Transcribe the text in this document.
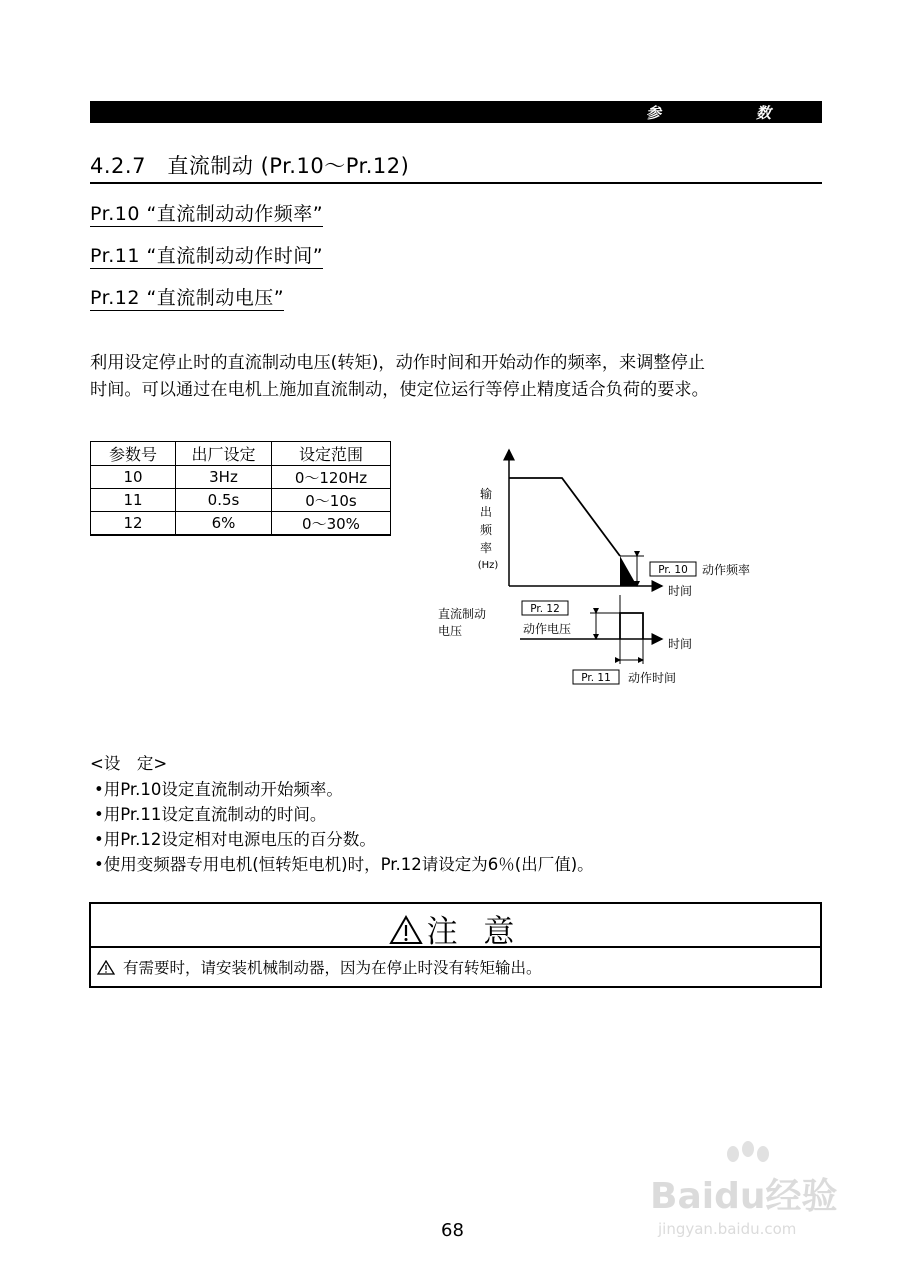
参	数
4.2.7　直流制动 (Pr.10～Pr.12)
Pr.10 “直流制动动作频率”
Pr.11 “直流制动动作时间”
Pr.12 “直流制动电压”
利用设定停止时的直流制动电压(转矩)，动作时间和开始动作的频率，来调整停止
时间。可以通过在电机上施加直流制动，使定位运行等停止精度适合负荷的要求。
参数号	出厂设定	设定范围
10	3Hz	0～120Hz
11	0.5s	0～10s
12	6%	0～30%
输
出
频
率
(Hz)	Pr. 10 动作频率
时间
直流制动
电压
Pr. 12
动作电压
时间
Pr. 11 动作时间
<设　定>
•用Pr.10设定直流制动开始频率。
•用Pr.11设定直流制动的时间。
•用Pr.12设定相对电源电压的百分数。
•使用变频器专用电机(恒转矩电机)时，Pr.12请设定为6％(出厂值)。
注 意
有需要时，请安装机械制动器，因为在停止时没有转矩输出。
Baidu经验
jingyan.baidu.com
68
